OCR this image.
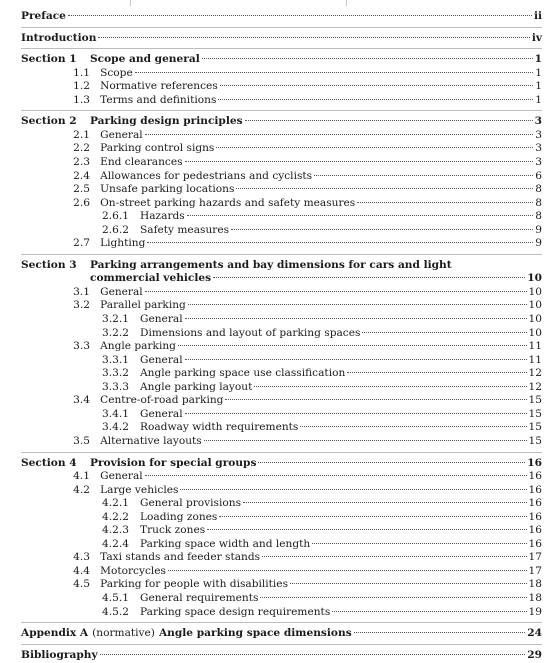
Preface	ii
Introduction	iv
Section 1	Scope and general	1
1.1 Scope	1
1.2 Normative references	1
1.3 Terms and definitions	1
Section 2	Parking design principles	3
2.1 General	3
2.2 Parking control signs	3
2.3 End clearances	3
2.4 Allowances for pedestrians and cyclists	6
2.5 Unsafe parking locations	8
2.6 On-street parking hazards and safety measures	8
2.6.1	Hazards	8
2.6.2	Safety measures	9
2.7 Lighting	9
Section 3	Parking arrangements and bay dimensions for cars and light
commercial vehicles	10
3.1 General	10
3.2 Parallel parking	10
3.2.1	General	10
3.2.2	Dimensions and layout of parking spaces	10
3.3 Angle parking	11
3.3.1	General	11
3.3.2	Angle parking space use classification	12
3.3.3	Angle parking layout	12
3.4 Centre-of-road parking	15
3.4.1	General	15
3.4.2	Roadway width requirements	15
3.5 Alternative layouts	15
Section 4	Provision for special groups	16
4.1 General	16
4.2 Large vehicles	16
4.2.1	General provisions	16
4.2.2	Loading zones	16
4.2.3	Truck zones	16
4.2.4	Parking space width and length	16
4.3 Taxi stands and feeder stands	17
4.4 Motorcycles	17
4.5 Parking for people with disabilities	18
4.5.1	General requirements	18
4.5.2	Parking space design requirements	19
Appendix A (normative) Angle parking space dimensions	24
Bibliography	29
